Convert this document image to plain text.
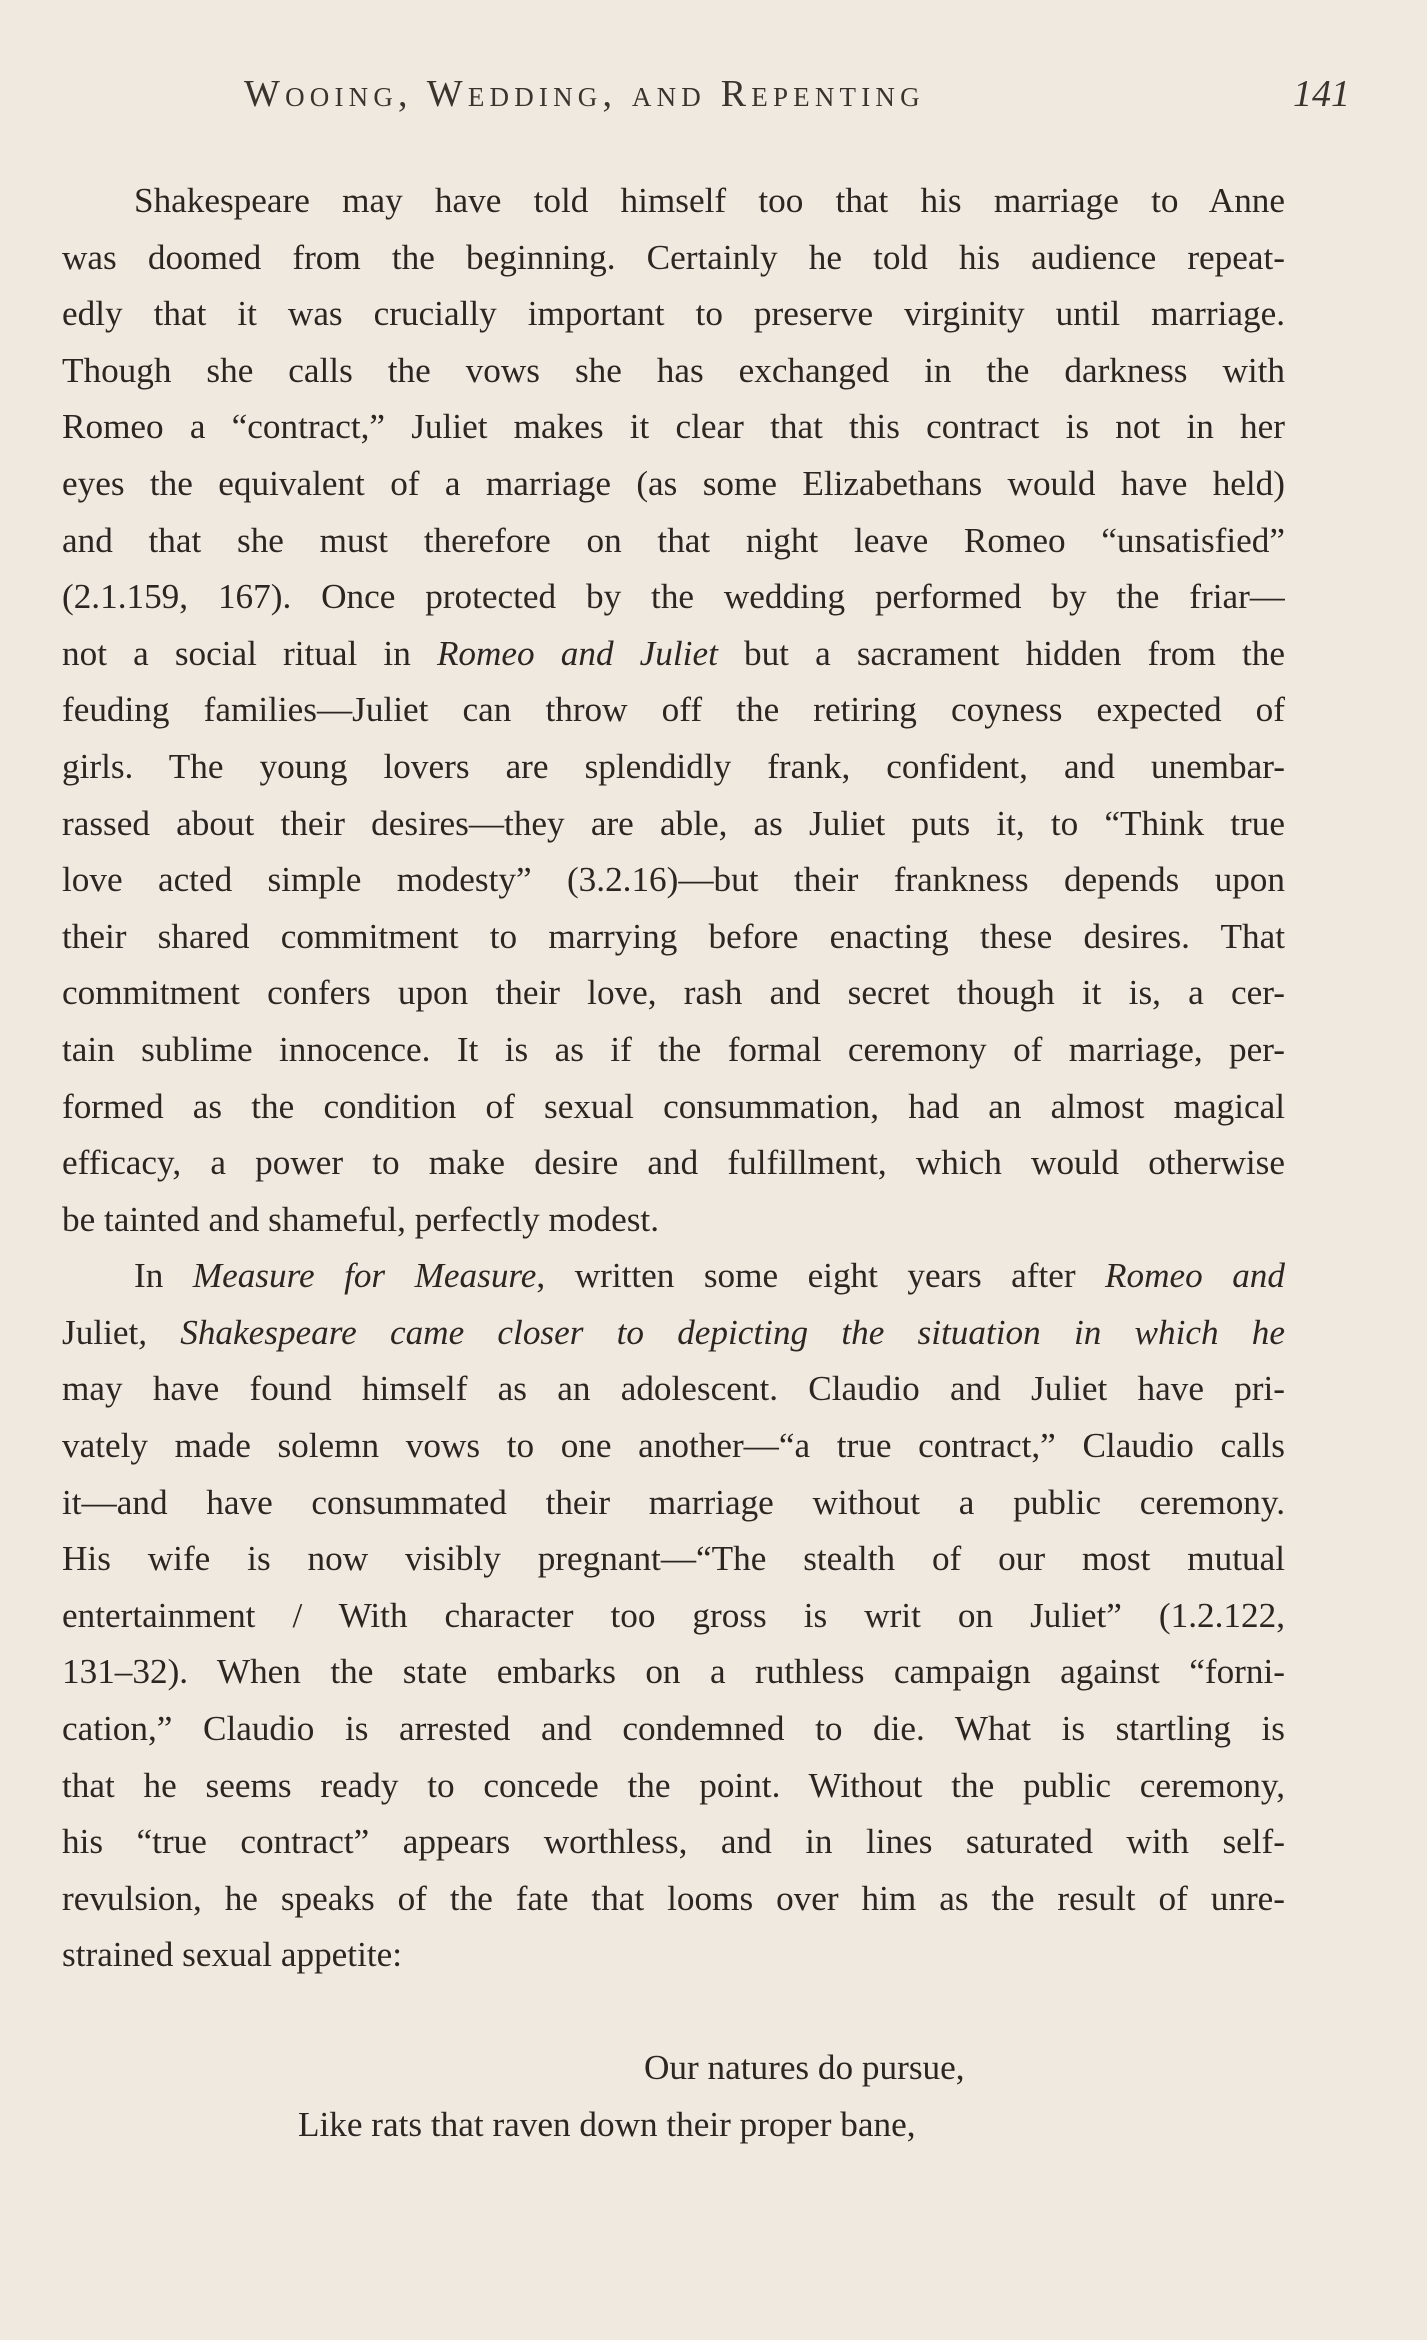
Wooing, Wedding, and Repenting	141
Shakespeare may have told himself too that his marriage to Anne
was doomed from the beginning. Certainly he told his audience repeat-
edly that it was crucially important to preserve virginity until marriage.
Though she calls the vows she has exchanged in the darkness with
Romeo a “contract,” Juliet makes it clear that this contract is not in her
eyes the equivalent of a marriage (as some Elizabethans would have held)
and that she must therefore on that night leave Romeo “unsatisfied”
(2.1.159, 167). Once protected by the wedding performed by the friar—
not a social ritual in Romeo and Juliet but a sacrament hidden from the
feuding families—Juliet can throw off the retiring coyness expected of
girls. The young lovers are splendidly frank, confident, and unembar-
rassed about their desires—they are able, as Juliet puts it, to “Think true
love acted simple modesty” (3.2.16)—but their frankness depends upon
their shared commitment to marrying before enacting these desires. That
commitment confers upon their love, rash and secret though it is, a cer-
tain sublime innocence. It is as if the formal ceremony of marriage, per-
formed as the condition of sexual consummation, had an almost magical
efficacy, a power to make desire and fulfillment, which would otherwise
be tainted and shameful, perfectly modest.
In Measure for Measure, written some eight years after Romeo and
Juliet, Shakespeare came closer to depicting the situation in which he
may have found himself as an adolescent. Claudio and Juliet have pri-
vately made solemn vows to one another—“a true contract,” Claudio calls
it—and have consummated their marriage without a public ceremony.
His wife is now visibly pregnant—“The stealth of our most mutual
entertainment / With character too gross is writ on Juliet” (1.2.122,
131–32). When the state embarks on a ruthless campaign against “forni-
cation,” Claudio is arrested and condemned to die. What is startling is
that he seems ready to concede the point. Without the public ceremony,
his “true contract” appears worthless, and in lines saturated with self-
revulsion, he speaks of the fate that looms over him as the result of unre-
strained sexual appetite:
Our natures do pursue,
Like rats that raven down their proper bane,
